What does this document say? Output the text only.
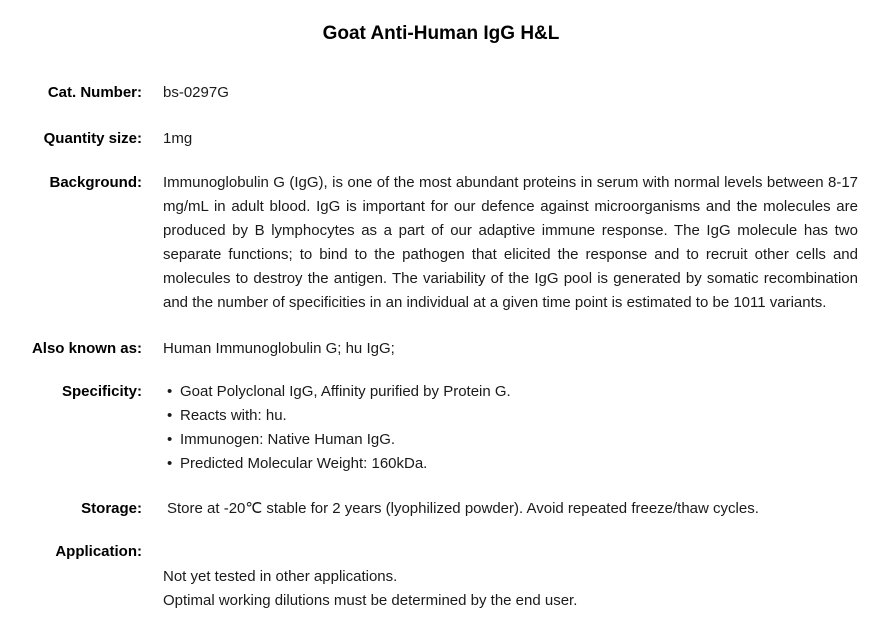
Goat Anti-Human IgG H&L
Cat. Number: bs-0297G
Quantity size: 1mg
Background: Immunoglobulin G (IgG), is one of the most abundant proteins in serum with normal levels between 8-17 mg/mL in adult blood. IgG is important for our defence against microorganisms and the molecules are produced by B lymphocytes as a part of our adaptive immune response. The IgG molecule has two separate functions; to bind to the pathogen that elicited the response and to recruit other cells and molecules to destroy the antigen. The variability of the IgG pool is generated by somatic recombination and the number of specificities in an individual at a given time point is estimated to be 1011 variants.
Also known as: Human Immunoglobulin G; hu IgG;
Specificity: • Goat Polyclonal IgG, Affinity purified by Protein G.
• Reacts with: hu.
• Immunogen: Native Human IgG.
• Predicted Molecular Weight: 160kDa.
Storage: Store at -20℃ stable for 2 years (lyophilized powder). Avoid repeated freeze/thaw cycles.
Application:
Not yet tested in other applications.
Optimal working dilutions must be determined by the end user.
